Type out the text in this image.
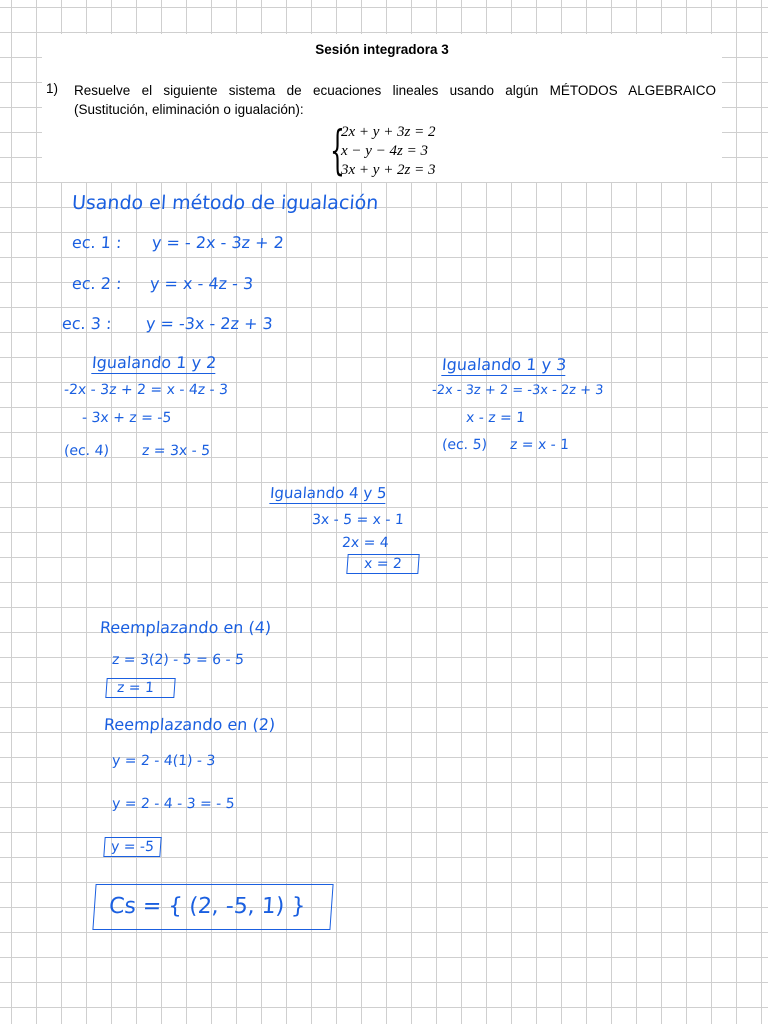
Sesión integradora 3
1) Resuelve el siguiente sistema de ecuaciones lineales usando algún MÉTODOS ALGEBRAICO
(Sustitución, eliminación o igualación):
{
2x + y + 3z = 2
x − y − 4z = 3
3x + y + 2z = 3
Usando el método de igualación
ec. 1 : y = - 2x - 3z + 2
ec. 2 : y = x - 4z - 3
ec. 3 : y = -3x - 2z + 3
Igualando 1 y 2
-2x - 3z + 2 = x - 4z - 3
- 3x + z = -5
(ec. 4) z = 3x - 5
Igualando 1 y 3
-2x - 3z + 2 = -3x - 2z + 3
x - z = 1
(ec. 5) z = x - 1
Igualando 4 y 5
3x - 5 = x - 1
2x = 4
x = 2
Reemplazando en (4)
z = 3(2) - 5 = 6 - 5
z = 1
Reemplazando en (2)
y = 2 - 4(1) - 3
y = 2 - 4 - 3 = - 5
y = -5
Cs = { (2, -5, 1) }
